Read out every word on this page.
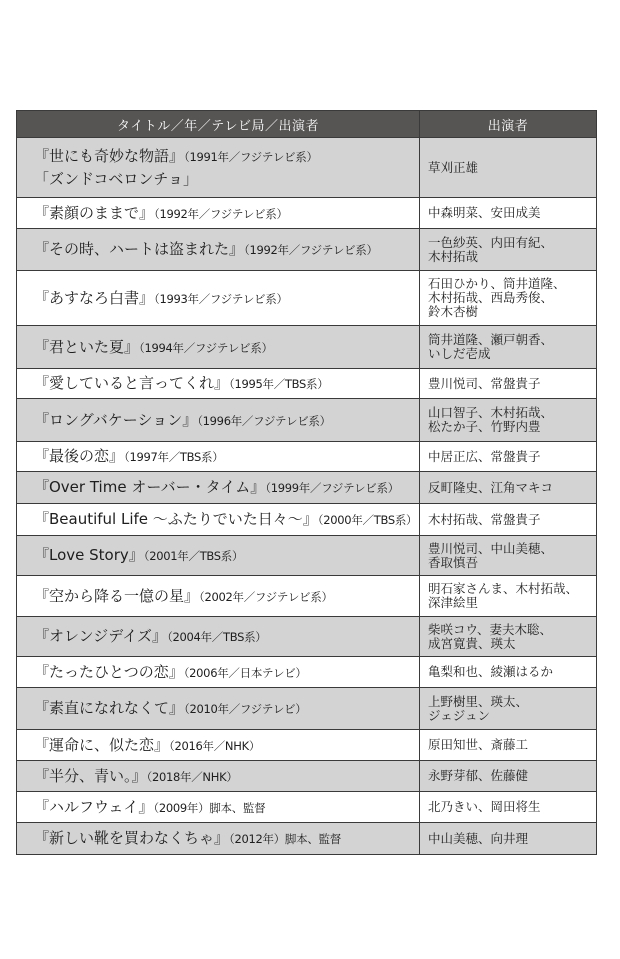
タイトル／年／テレビ局／出演者	出演者
『世にも奇妙な物語』（1991年／フジテレビ系）
「ズンドコベロンチョ」	草刈正雄

『素顔のままで』（1992年／フジテレビ系）	中森明菜、安田成美

『その時、ハートは盗まれた』（1992年／フジテレビ系）	一色紗英、内田有紀、
木村拓哉

『あすなろ白書』（1993年／フジテレビ系）	石田ひかり、筒井道隆、
木村拓哉、西島秀俊、
鈴木杏樹

『君といた夏』（1994年／フジテレビ系）	筒井道隆、瀬戸朝香、
いしだ壱成

『愛していると言ってくれ』（1995年／TBS系）	豊川悦司、常盤貴子

『ロングバケーション』（1996年／フジテレビ系）	山口智子、木村拓哉、
松たか子、竹野内豊

『最後の恋』（1997年／TBS系）	中居正広、常盤貴子

『Over Time オーバー・タイム』（1999年／フジテレビ系）	反町隆史、江角マキコ

『Beautiful Life ～ふたりでいた日々～』（2000年／TBS系）	木村拓哉、常盤貴子

『Love Story』（2001年／TBS系）	豊川悦司、中山美穂、
香取慎吾

『空から降る一億の星』（2002年／フジテレビ系）	明石家さんま、木村拓哉、
深津絵里

『オレンジデイズ』（2004年／TBS系）	柴咲コウ、妻夫木聡、
成宮寛貴、瑛太

『たったひとつの恋』（2006年／日本テレビ）	亀梨和也、綾瀬はるか

『素直になれなくて』（2010年／フジテレビ）	上野樹里、瑛太、
ジェジュン

『運命に、似た恋』（2016年／NHK）	原田知世、斎藤工

『半分、青い。』（2018年／NHK）	永野芽郁、佐藤健

『ハルフウェイ』（2009年）脚本、監督	北乃きい、岡田将生

『新しい靴を買わなくちゃ』（2012年）脚本、監督	中山美穂、向井理
